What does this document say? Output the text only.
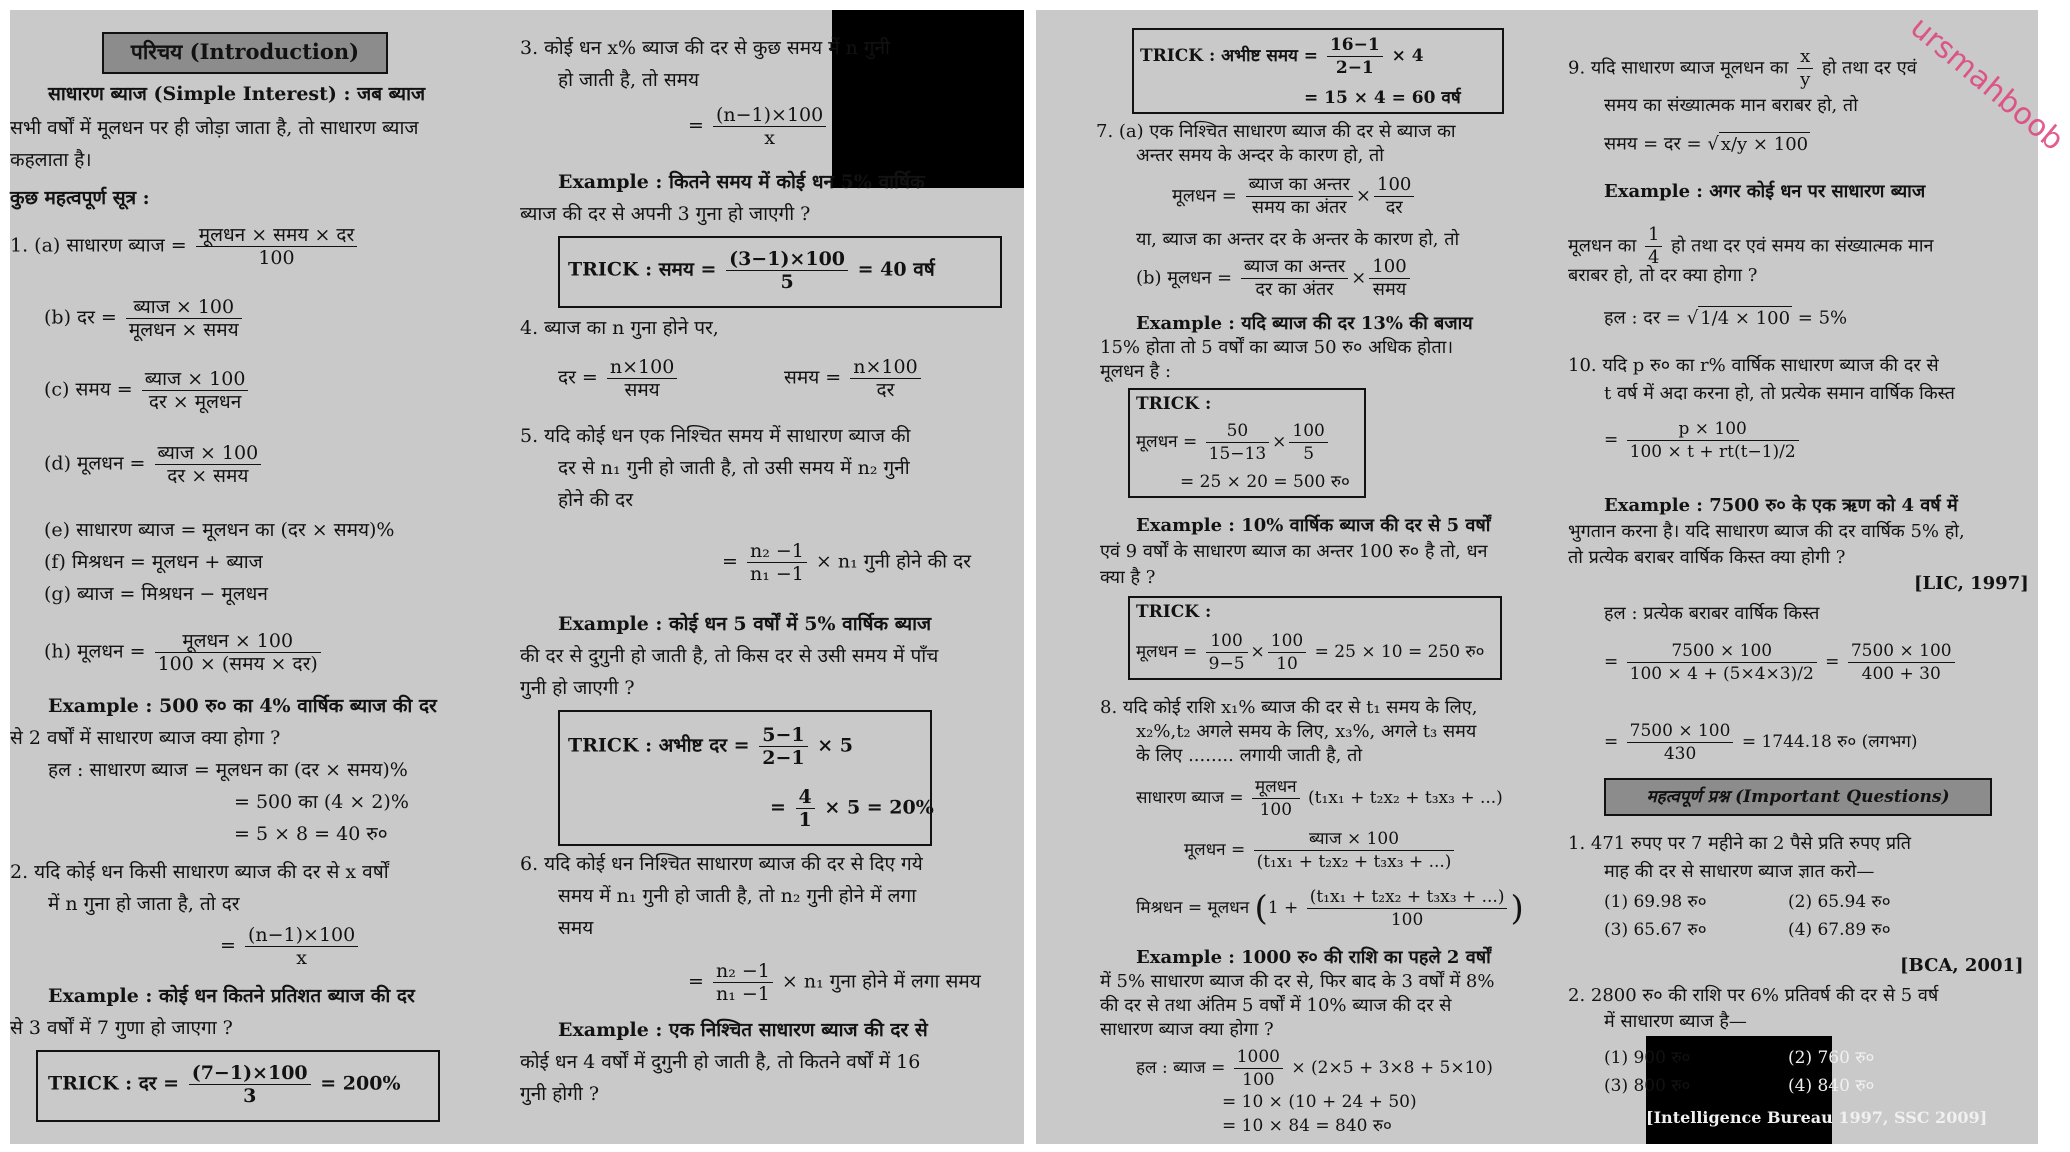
परिचय (Introduction)
साधारण ब्याज (Simple Interest) : जब ब्याज
सभी वर्षों में मूलधन पर ही जोड़ा जाता है, तो साधारण ब्याज
कहलाता है।
कुछ महत्वपूर्ण सूत्र :
1. (a) साधारण ब्याज = $\frac{\text{मूलधन × समय × दर}}{100}$
(b) दर = $\frac{\text{ब्याज × 100}}{\text{मूलधन × समय}}$
(c) समय = $\frac{\text{ब्याज × 100}}{\text{दर × मूलधन}}$
(d) मूलधन = $\frac{\text{ब्याज × 100}}{\text{दर × समय}}$
(e) साधारण ब्याज = मूलधन का (दर × समय)%
(f) मिश्रधन = मूलधन + ब्याज
(g) ब्याज = मिश्रधन − मूलधन
(h) मूलधन = $\frac{\text{मूलधन × 100}}{\text{100 × (समय × दर)}}$
Example : 500 रु० का 4% वार्षिक ब्याज की दर
से 2 वर्षों में साधारण ब्याज क्या होगा ?
हल : साधारण ब्याज = मूलधन का (दर × समय)%
= 500 का (4 × 2)%
= 5 × 8 = 40 रु०
2. यदि कोई धन किसी साधारण ब्याज की दर से x वर्षों
में n गुना हो जाता है, तो दर
= $\frac{(n-1)\times 100}{x}$
Example : कोई धन कितने प्रतिशत ब्याज की दर
से 3 वर्षों में 7 गुणा हो जाएगा ?
TRICK : दर = $\frac{(7-1)\times 100}{3} = 200\%$
3. कोई धन x% ब्याज की दर से कुछ समय में n गुनी
हो जाती है, तो समय
= $\frac{(n-1)\times 100}{x}$
Example : कितने समय में कोई धन 5% वार्षिक
ब्याज की दर से अपनी 3 गुना हो जाएगी ?
TRICK : समय = $\frac{(3-1)\times 100}{5} = 40$ वर्ष
4. ब्याज का n गुना होने पर,
दर = $\frac{n\times 100}{\text{समय}}$	समय = $\frac{n\times 100}{\text{दर}}$
5. यदि कोई धन एक निश्चित समय में साधारण ब्याज की
दर से n₁ गुनी हो जाती है, तो उसी समय में n₂ गुनी
होने की दर
= $\frac{\text{n₂ −1}}{\text{n₁ −1}} \times n_1$ गुनी होने की दर
Example : कोई धन 5 वर्षों में 5% वार्षिक ब्याज
की दर से दुगुनी हो जाती है, तो किस दर से उसी समय में पाँच
गुनी हो जाएगी ?
TRICK : अभीष्ट दर = $\frac{5-1}{2-1} \times 5$
= $\frac{4}{1} \times 5 = 20\%$
6. यदि कोई धन निश्चित साधारण ब्याज की दर से दिए गये
समय में n₁ गुनी हो जाती है, तो n₂ गुनी होने में लगा
समय
= $\frac{\text{n₂ −1}}{\text{n₁ −1}} \times n_1$ गुना होने में लगा समय
Example : एक निश्चित साधारण ब्याज की दर से
कोई धन 4 वर्षों में दुगुनी हो जाती है, तो कितने वर्षों में 16
गुनी होगी ?
TRICK : अभीष्ट समय = $\frac{16-1}{2-1} \times 4$
= 15 × 4 = 60 वर्ष
7. (a) एक निश्चित साधारण ब्याज की दर से ब्याज का
अन्तर समय के अन्दर के कारण हो, तो
मूलधन = $\frac{\text{ब्याज का अन्तर}}{\text{समय का अंतर}} \times \frac{100}{\text{दर}}$
या, ब्याज का अन्तर दर के अन्तर के कारण हो, तो
(b) मूलधन = $\frac{\text{ब्याज का अन्तर}}{\text{दर का अंतर}} \times \frac{100}{\text{समय}}$
Example : यदि ब्याज की दर 13% की बजाय
15% होता तो 5 वर्षों का ब्याज 50 रु० अधिक होता।
मूलधन है :
TRICK :
मूलधन = $\frac{50}{15-13} \times \frac{100}{5}$
= 25 × 20 = 500 रु०
Example : 10% वार्षिक ब्याज की दर से 5 वर्षों
एवं 9 वर्षों के साधारण ब्याज का अन्तर 100 रु० है तो, धन
क्या है ?
TRICK :
मूलधन = $\frac{100}{9-5} \times \frac{100}{10} = 25 \times 10 = 250$ रु०
8. यदि कोई राशि x₁% ब्याज की दर से t₁ समय के लिए,
x₂%,t₂ अगले समय के लिए, x₃%, अगले t₃ समय
के लिए ........ लगायी जाती है, तो
साधारण ब्याज = $\frac{\text{मूलधन}}{100} (t_1x_1 + t_2x_2 + t_3x_3$ + ...)
मूलधन = $\frac{\text{ब्याज × 100}}{\text{(t₁x₁ + t₂x₂ + t₃x₃ + ...)}}$
मिश्रधन = मूलधन ($1 + \frac{\text{(t₁x₁ + t₂x₂ + t₃x₃ + ...)}}{100}$ )
Example : 1000 रु० की राशि का पहले 2 वर्षों
में 5% साधारण ब्याज की दर से, फिर बाद के 3 वर्षों में 8%
की दर से तथा अंतिम 5 वर्षों में 10% ब्याज की दर से
साधारण ब्याज क्या होगा ?
हल : ब्याज = $\frac{1000}{100} \times (2\times 5 + 3\times 8 + 5\times 10)$
= 10 × (10 + 24 + 50)
= 10 × 84 = 840 रु०
ursmahboob
9. यदि साधारण ब्याज मूलधन का $\frac{x}{y}$ हो तथा दर एवं
समय का संख्यात्मक मान बराबर हो, तो
समय = दर = √ x/y × 100
Example : अगर कोई धन पर साधारण ब्याज
मूलधन का $\frac{1}{4}$ हो तथा दर एवं समय का संख्यात्मक मान
बराबर हो, तो दर क्या होगा ?
हल : दर = √ 1/4 × 100 = 5%
10. यदि p रु० का r% वार्षिक साधारण ब्याज की दर से
t वर्ष में अदा करना हो, तो प्रत्येक समान वार्षिक किस्त
= $\frac{p \times 100}{100 \times t + rt(t-1)/2}$
Example : 7500 रु० के एक ऋण को 4 वर्ष में
भुगतान करना है। यदि साधारण ब्याज की दर वार्षिक 5% हो,
तो प्रत्येक बराबर वार्षिक किस्त क्या होगी ?
[LIC, 1997]
हल : प्रत्येक बराबर वार्षिक किस्त
= $\frac{7500 \times 100}{100 \times 4 + (5\times 4\times 3)/2} = \frac{7500 \times 100}{400 + 30}$
= $\frac{7500 \times 100}{430} = 1744.18$ रु० (लगभग)
महत्वपूर्ण प्रश्न (Important Questions)
1. 471 रुपए पर 7 महीने का 2 पैसे प्रति रुपए प्रति
माह की दर से साधारण ब्याज ज्ञात करो—
(1) 69.98 रु०	(2) 65.94 रु०
(3) 65.67 रु०	(4) 67.89 रु०
[BCA, 2001]
2. 2800 रु० की राशि पर 6% प्रतिवर्ष की दर से 5 वर्ष
में साधारण ब्याज है—
(1) 900 रु०	(2) 760 रु०
(3) 800 रु०	(4) 840 रु०
[Intelligence Bureau 1997, SSC 2009]
